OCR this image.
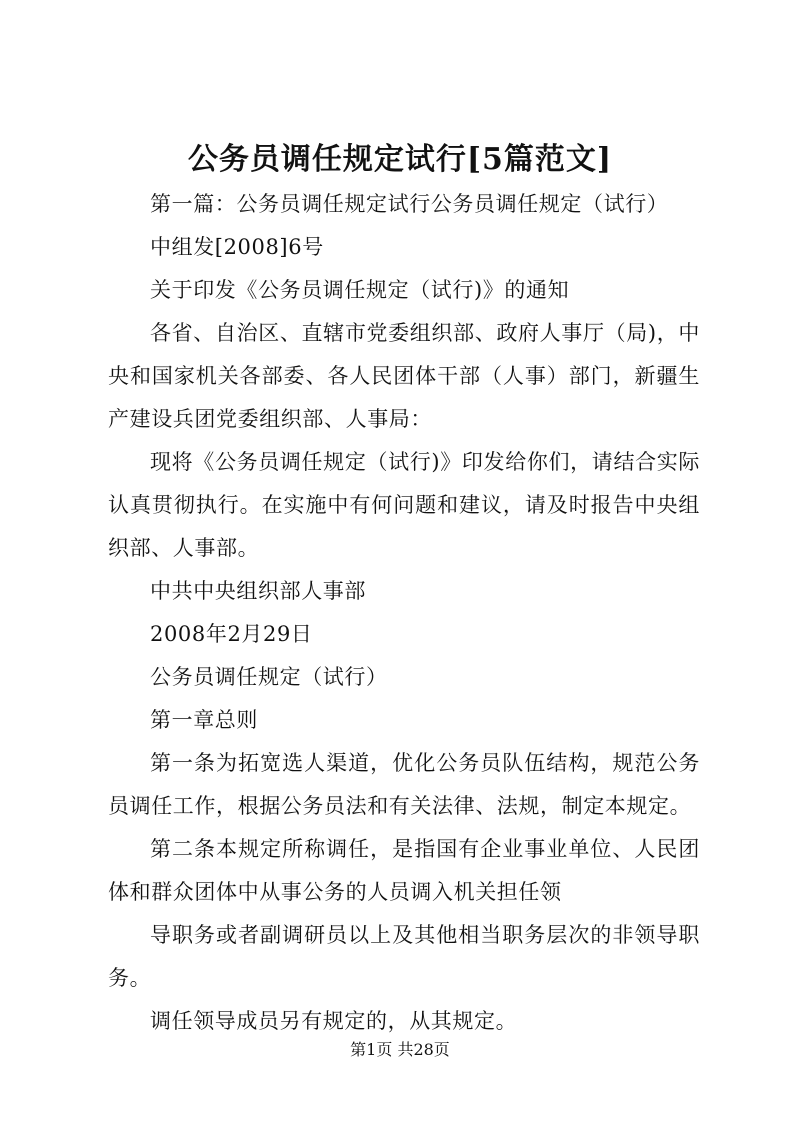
公务员调任规定试行[5篇范文]

第一篇：公务员调任规定试行公务员调任规定（试行）

中组发[2008]6号

关于印发《公务员调任规定（试行)》的通知

各省、自治区、直辖市党委组织部、政府人事厅（局)，中央和国家机关各部委、各人民团体干部（人事）部门，新疆生产建设兵团党委组织部、人事局：

现将《公务员调任规定（试行)》印发给你们，请结合实际认真贯彻执行。在实施中有何问题和建议，请及时报告中央组织部、人事部。

中共中央组织部人事部

2008年2月29日

公务员调任规定（试行）

第一章总则

第一条为拓宽选人渠道，优化公务员队伍结构，规范公务员调任工作，根据公务员法和有关法律、法规，制定本规定。

第二条本规定所称调任，是指国有企业事业单位、人民团体和群众团体中从事公务的人员调入机关担任领

导职务或者副调研员以上及其他相当职务层次的非领导职务。

调任领导成员另有规定的，从其规定。

第1页 共28页
